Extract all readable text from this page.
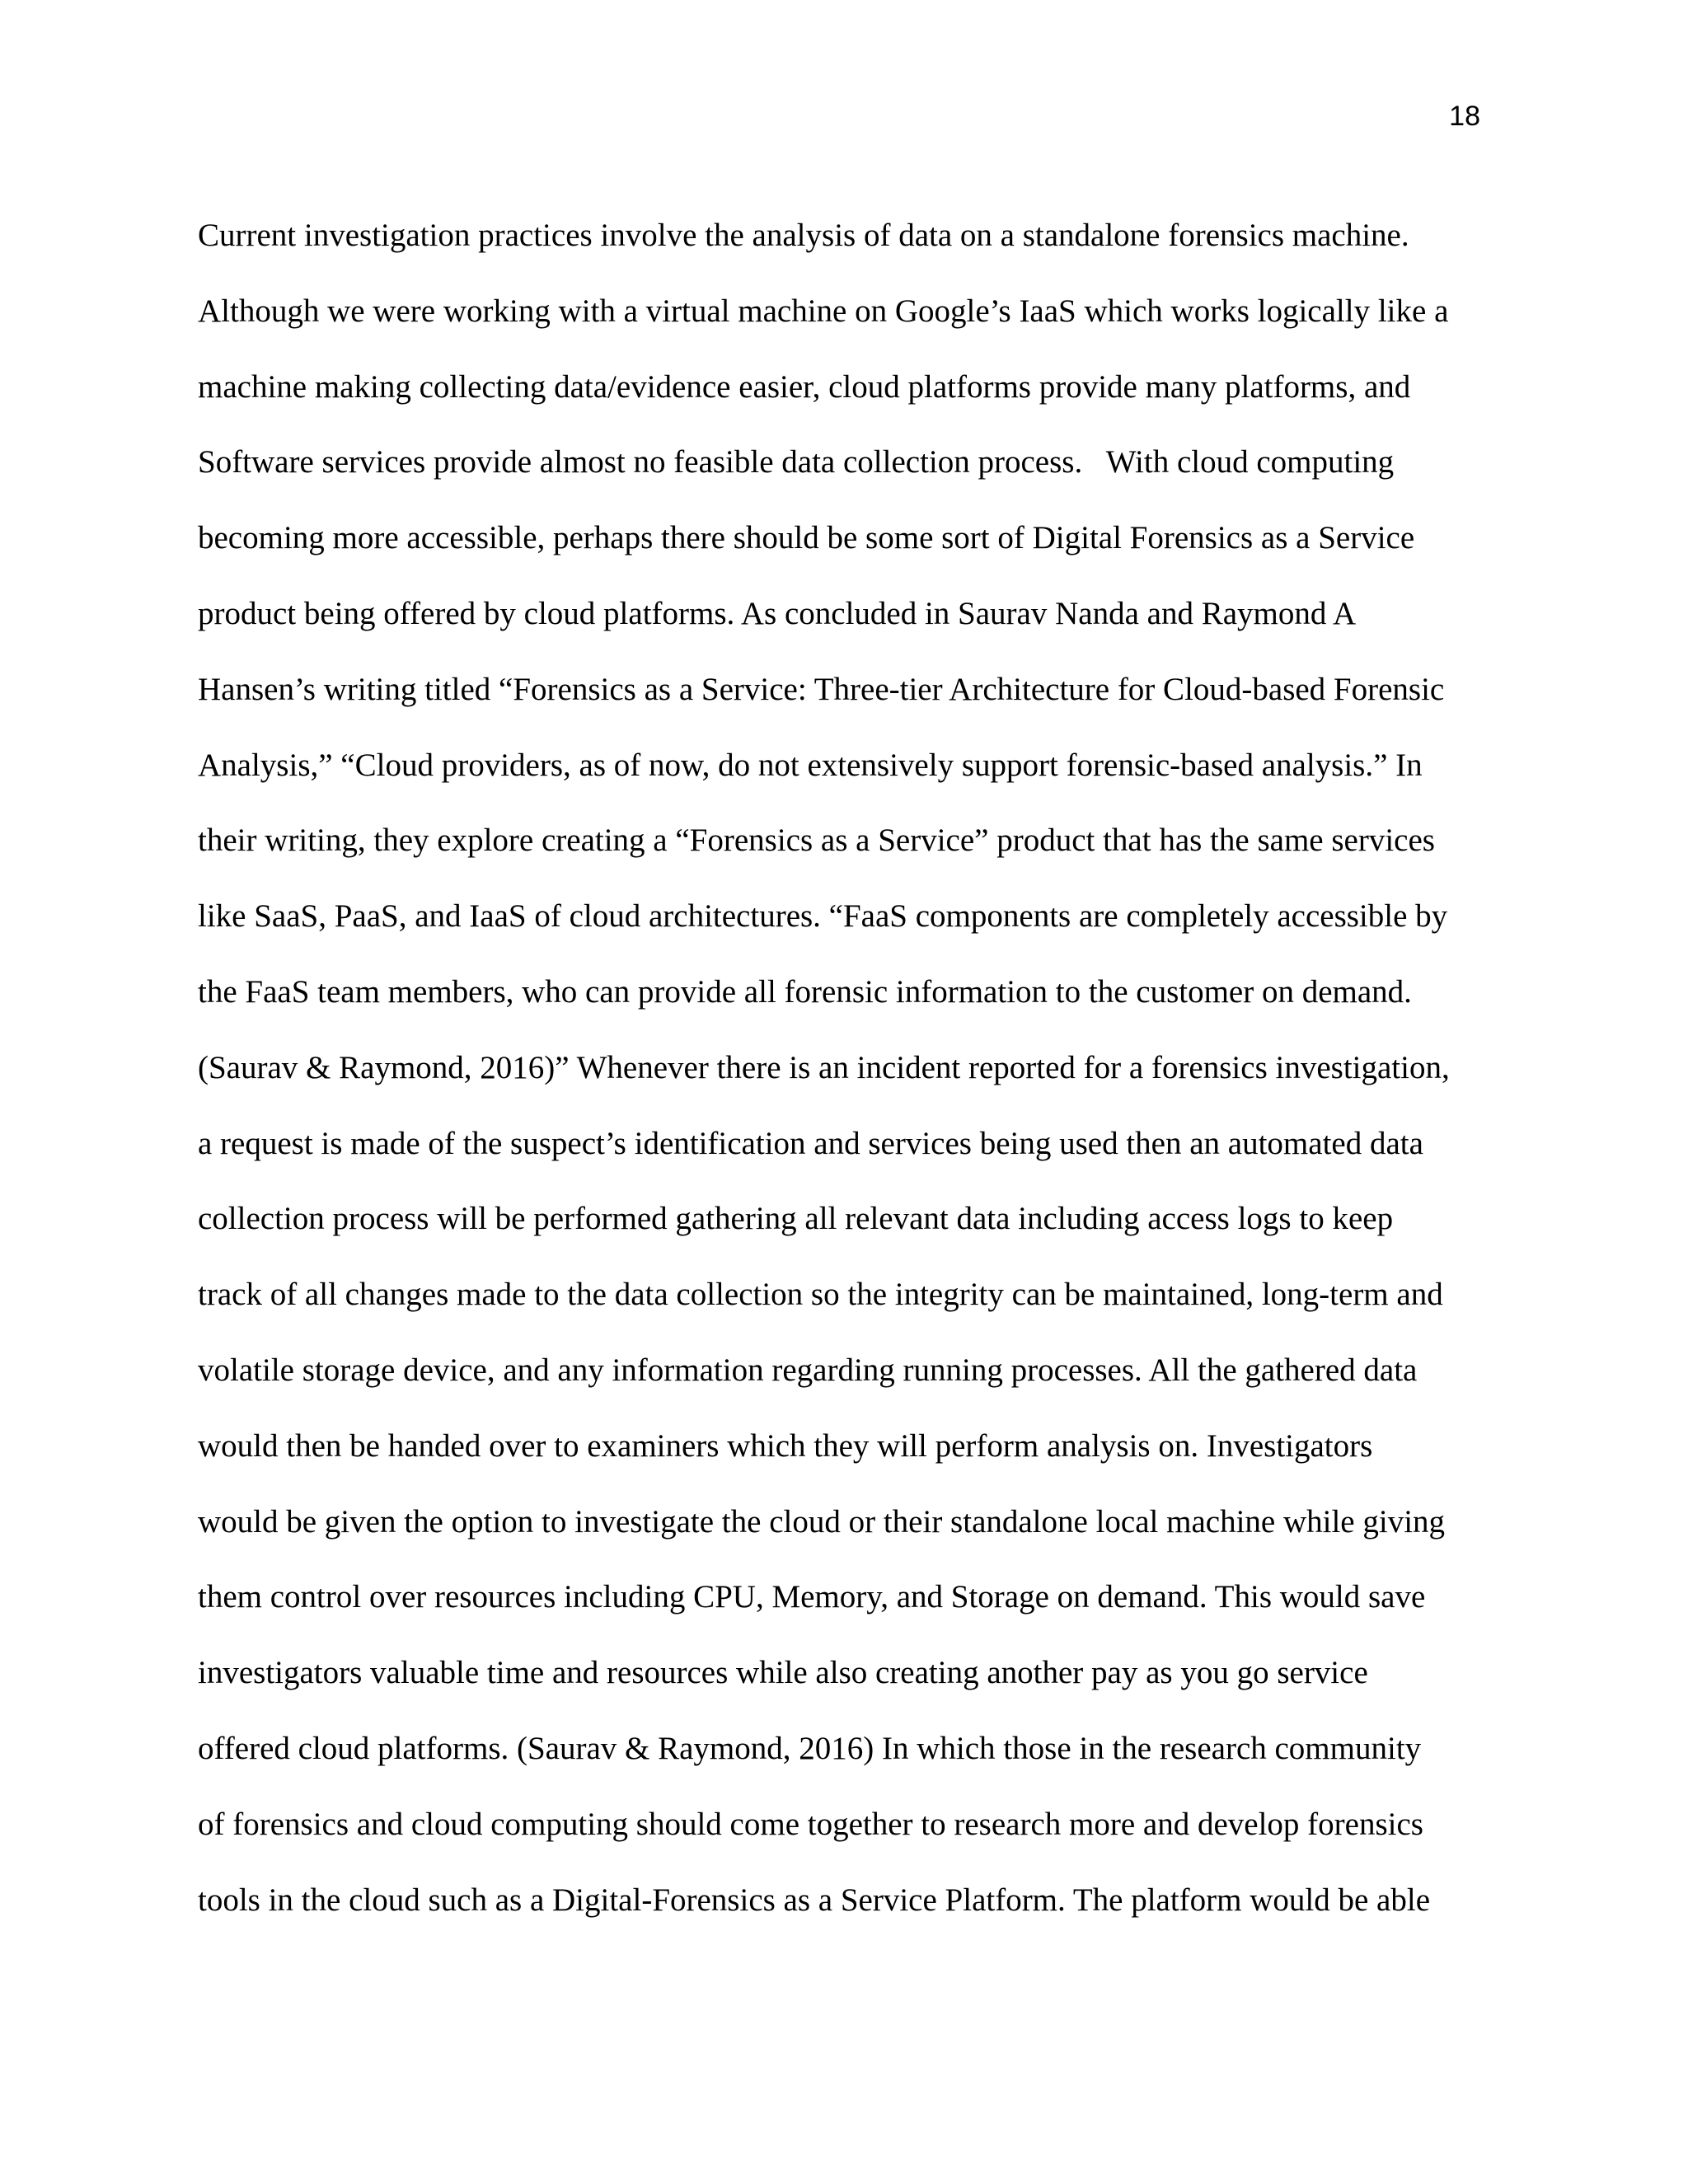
18
Current investigation practices involve the analysis of data on a standalone forensics machine.
Although we were working with a virtual machine on Google’s IaaS which works logically like a
machine making collecting data/evidence easier, cloud platforms provide many platforms, and
Software services provide almost no feasible data collection process.   With cloud computing
becoming more accessible, perhaps there should be some sort of Digital Forensics as a Service
product being offered by cloud platforms. As concluded in Saurav Nanda and Raymond A
Hansen’s writing titled “Forensics as a Service: Three-tier Architecture for Cloud-based Forensic
Analysis,” “Cloud providers, as of now, do not extensively support forensic-based analysis.” In
their writing, they explore creating a “Forensics as a Service” product that has the same services
like SaaS, PaaS, and IaaS of cloud architectures. “FaaS components are completely accessible by
the FaaS team members, who can provide all forensic information to the customer on demand.
(Saurav & Raymond, 2016)” Whenever there is an incident reported for a forensics investigation,
a request is made of the suspect’s identification and services being used then an automated data
collection process will be performed gathering all relevant data including access logs to keep
track of all changes made to the data collection so the integrity can be maintained, long-term and
volatile storage device, and any information regarding running processes. All the gathered data
would then be handed over to examiners which they will perform analysis on. Investigators
would be given the option to investigate the cloud or their standalone local machine while giving
them control over resources including CPU, Memory, and Storage on demand. This would save
investigators valuable time and resources while also creating another pay as you go service
offered cloud platforms. (Saurav & Raymond, 2016) In which those in the research community
of forensics and cloud computing should come together to research more and develop forensics
tools in the cloud such as a Digital-Forensics as a Service Platform. The platform would be able
